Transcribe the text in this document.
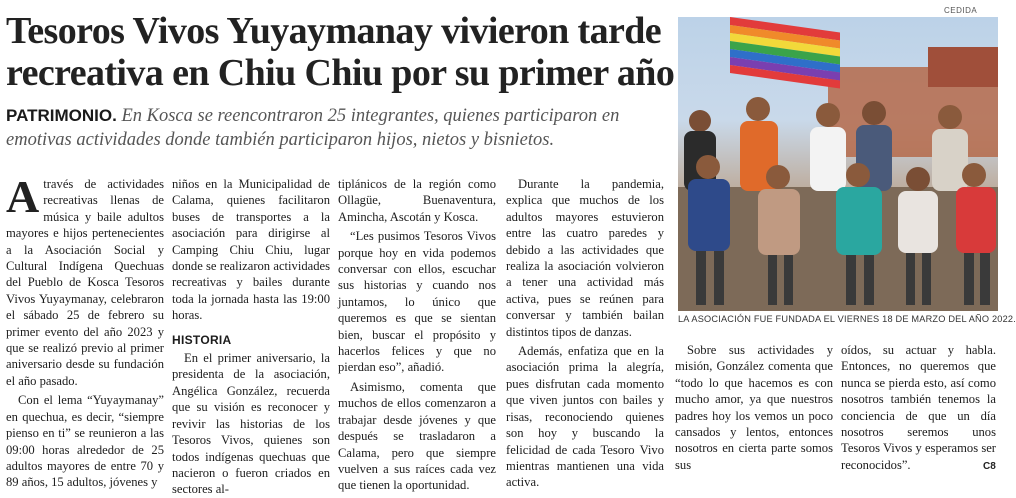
Tesoros Vivos Yuyaymanay vivieron tarde recreativa en Chiu Chiu por su primer año

PATRIMONIO. En Kosca se reencontraron 25 integrantes, quienes participaron en emotivas actividades donde también participaron hijos, nietos y bisnietos.

Através de actividades recreativas llenas de música y baile adultos mayores e hijos pertenecientes a la Asociación Social y Cultural Indígena Quechuas del Pueblo de Kosca Tesoros Vivos Yuyaymanay, celebraron el sábado 25 de febrero su primer evento del año 2023 y que se realizó previo al primer aniversario desde su fundación el año pasado.

Con el lema “Yuyaymanay” en quechua, es decir, “siempre pienso en ti” se reunieron a las 09:00 horas alrededor de 25 adultos mayores de entre 70 y 89 años, 15 adultos, jóvenes y

niños en la Municipalidad de Calama, quienes facilitaron buses de transportes a la asociación para dirigirse al Camping Chiu Chiu, lugar donde se realizaron actividades recreativas y bailes durante toda la jornada hasta las 19:00 horas.

HISTORIA

En el primer aniversario, la presidenta de la asociación, Angélica González, recuerda que su visión es reconocer y revivir las historias de los Tesoros Vivos, quienes son todos indígenas quechuas que nacieron o fueron criados en sectores al-

tiplánicos de la región como Ollagüe, Buenaventura, Amincha, Ascotán y Kosca.

“Les pusimos Tesoros Vivos porque hoy en vida podemos conversar con ellos, escuchar sus historias y cuando nos juntamos, lo único que queremos es que se sientan bien, buscar el propósito y hacerlos felices y que no pierdan eso”, añadió.

Asimismo, comenta que muchos de ellos comenzaron a trabajar desde jóvenes y que después se trasladaron a Calama, pero que siempre vuelven a sus raíces cada vez que tienen la oportunidad.

Durante la pandemia, explica que muchos de los adultos mayores estuvieron entre las cuatro paredes y debido a las actividades que realiza la asociación volvieron a tener una actividad más activa, pues se reúnen para conversar y también bailan distintos tipos de danzas.

Además, enfatiza que en la asociación prima la alegría, pues disfrutan cada momento que viven juntos con bailes y risas, reconociendo quienes son hoy y buscando la felicidad de cada Tesoro Vivo mientras mantienen una vida activa.

CEDIDA
LA ASOCIACIÓN FUE FUNDADA EL VIERNES 18 DE MARZO DEL AÑO 2022.

Sobre sus actividades y misión, González comenta que “todo lo que hacemos es con mucho amor, ya que nuestros padres hoy los vemos un poco cansados y lentos, entonces nosotros en cierta parte somos sus

oídos, su actuar y habla. Entonces, no queremos que nunca se pierda esto, así como nosotros también tenemos la conciencia de que un día nosotros seremos unos Tesoros Vivos y esperamos ser reconocidos”.	C8
